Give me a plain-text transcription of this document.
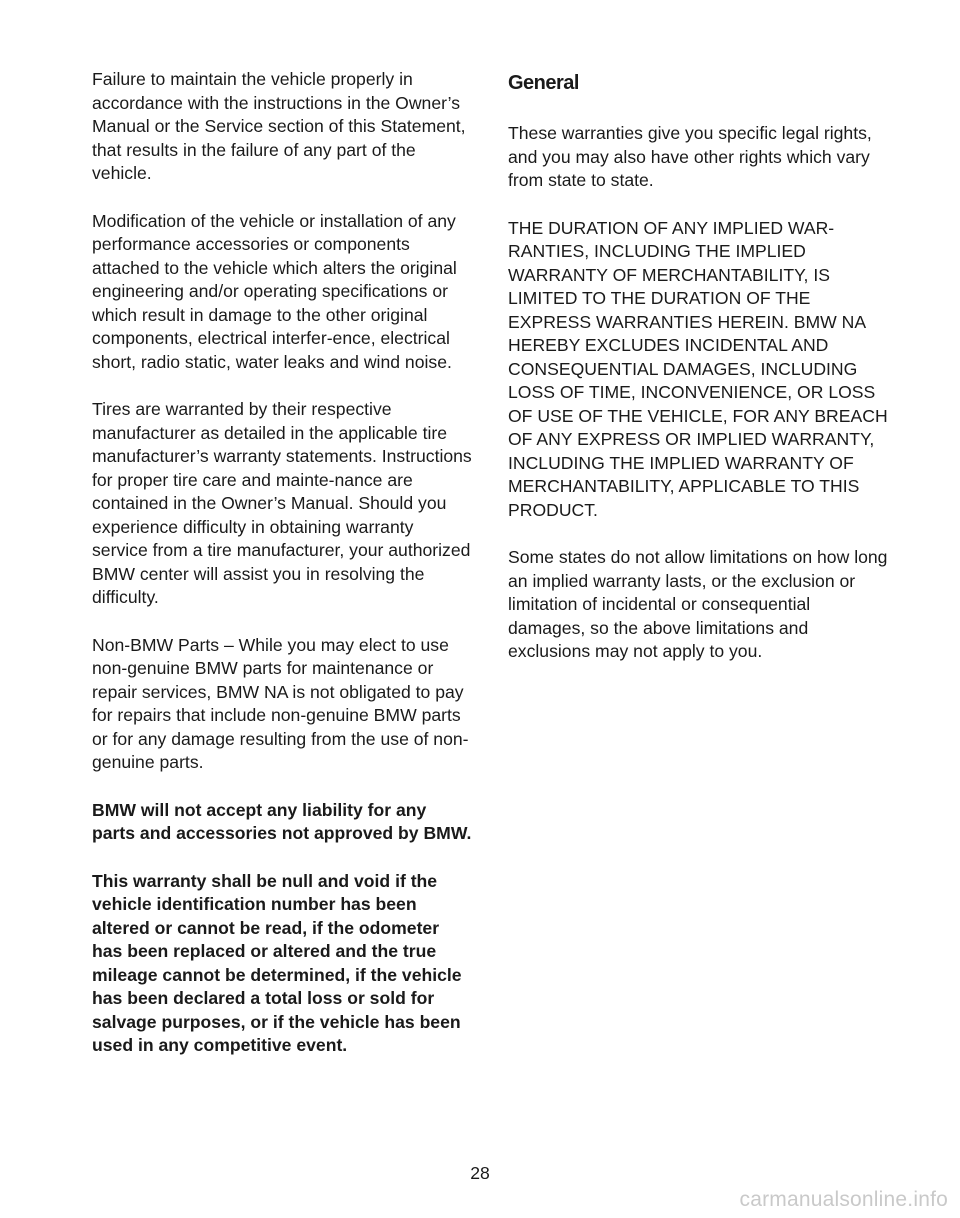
Failure to maintain the vehicle properly in accordance with the instructions in the Owner’s Manual or the Service section of this Statement, that results in the failure of any part of the vehicle.

Modification of the vehicle or installation of any performance accessories or components attached to the vehicle which alters the original engineering and/or operating specifications or which result in damage to the other original components, electrical interfer-ence, electrical short, radio static, water leaks and wind noise.

Tires are warranted by their respective manufacturer as detailed in the applicable tire manufacturer’s warranty statements. Instructions for proper tire care and mainte-nance are contained in the Owner’s Manual. Should you experience difficulty in obtaining warranty service from a tire manufacturer, your authorized BMW center will assist you in resolving the difficulty.

Non-BMW Parts – While you may elect to use non-genuine BMW parts for maintenance or repair services, BMW NA is not obligated to pay for repairs that include non-genuine BMW parts or for any damage resulting from the use of non-genuine parts.

BMW will not accept any liability for any parts and accessories not approved by BMW.

This warranty shall be null and void if the vehicle identification number has been altered or cannot be read, if the odometer has been replaced or altered and the true mileage cannot be determined, if the vehicle has been declared a total loss or sold for salvage purposes, or if the vehicle has been used in any competitive event.

General

These warranties give you specific legal rights, and you may also have other rights which vary from state to state.

THE DURATION OF ANY IMPLIED WAR-RANTIES, INCLUDING THE IMPLIED WARRANTY OF MERCHANTABILITY, IS LIMITED TO THE DURATION OF THE EXPRESS WARRANTIES HEREIN. BMW NA HEREBY EXCLUDES INCIDENTAL AND CONSEQUENTIAL DAMAGES, INCLUDING LOSS OF TIME, INCONVENIENCE, OR LOSS OF USE OF THE VEHICLE, FOR ANY BREACH OF ANY EXPRESS OR IMPLIED WARRANTY, INCLUDING THE IMPLIED WARRANTY OF MERCHANTABILITY, APPLICABLE TO THIS PRODUCT.

Some states do not allow limitations on how long an implied warranty lasts, or the exclusion or limitation of incidental or consequential damages, so the above limitations and exclusions may not apply to you.

28
carmanualsonline.info
